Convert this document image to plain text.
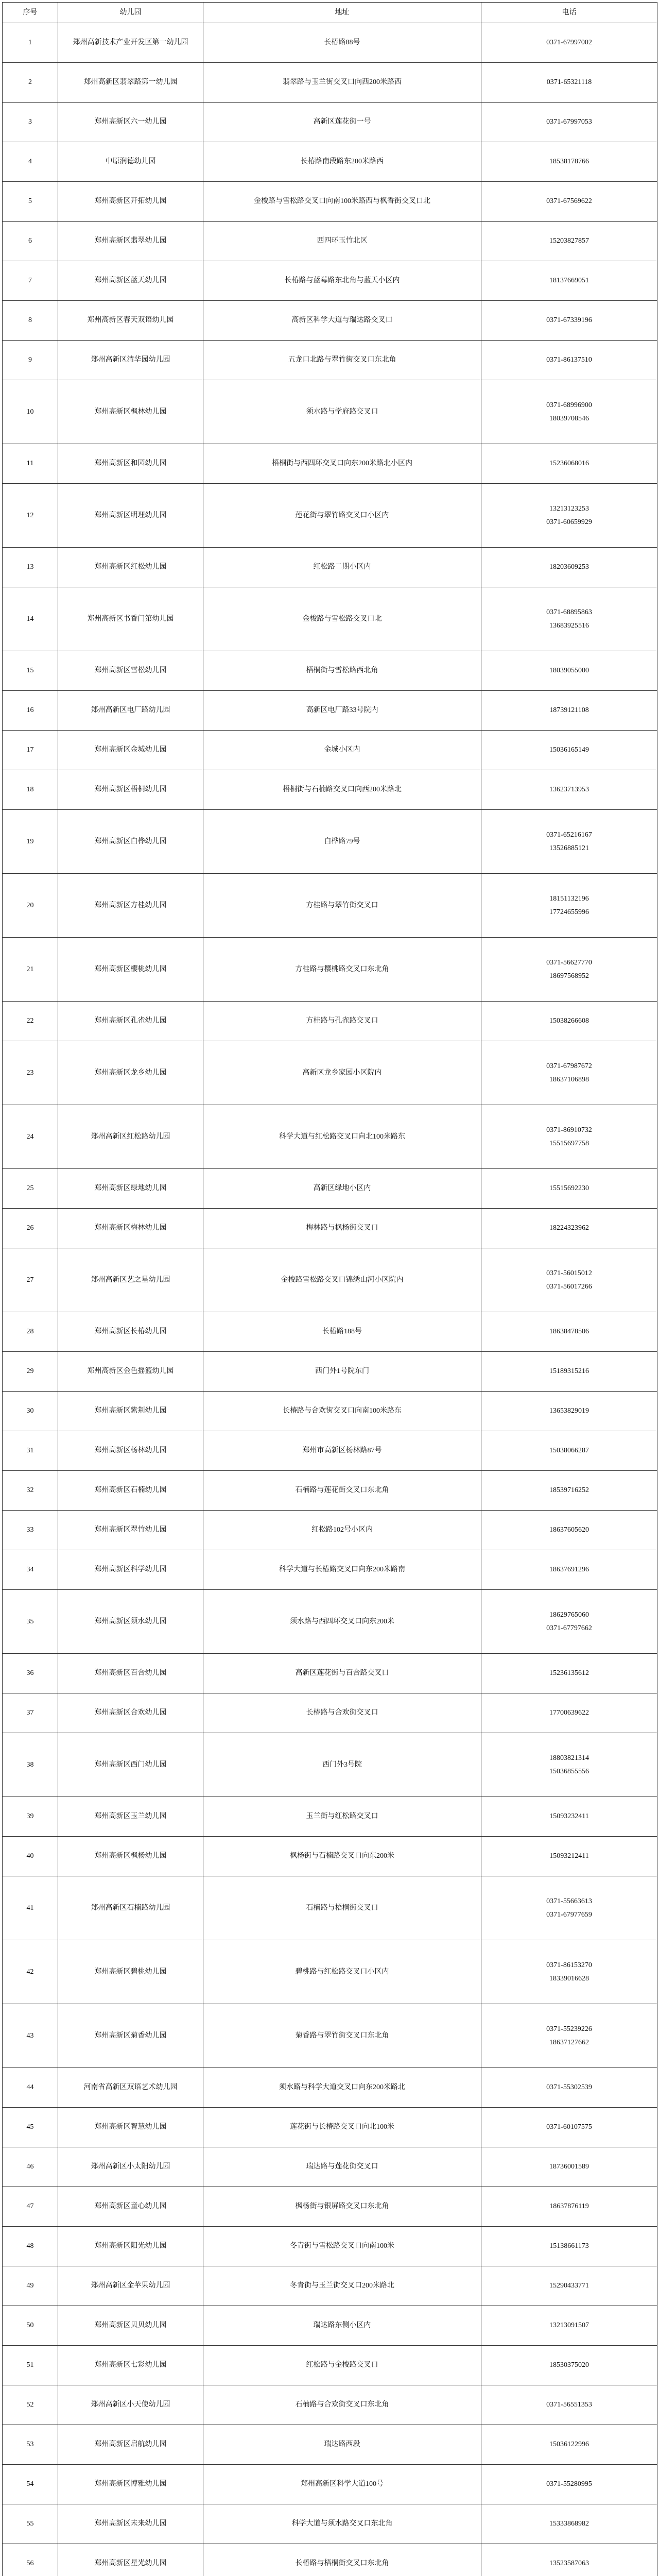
序号	幼儿园	地址	电话
1	郑州高新技术产业开发区第一幼儿园	长椿路88号	0371-67997002

2	郑州高新区翡翠路第一幼儿园	翡翠路与玉兰街交叉口向西200米路西	0371-65321118

3	郑州高新区六一幼儿园	高新区莲花街一号	0371-67997053

4	中原润德幼儿园	长椿路南段路东200米路西	18538178766

5	郑州高新区开拓幼儿园	金梭路与雪松路交叉口向南100米路西与枫香街交叉口北	0371-67569622

6	郑州高新区翡翠幼儿园	西四环玉竹北区	15203827857

7	郑州高新区蓝天幼儿园	长椿路与蓝莓路东北角与蓝天小区内	18137669051

8	郑州高新区春天双语幼儿园	高新区科学大道与瑞达路交叉口	0371-67339196

9	郑州高新区清华园幼儿园	五龙口北路与翠竹街交叉口东北角	0371-86137510

10	郑州高新区枫林幼儿园	须水路与学府路交叉口	0371-68996900
18039708546

11	郑州高新区和园幼儿园	梧桐街与西四环交叉口向东200米路北小区内	15236068016

12	郑州高新区明理幼儿园	莲花街与翠竹路交叉口小区内	13213123253
0371-60659929

13	郑州高新区红松幼儿园	红松路二期小区内	18203609253

14	郑州高新区书香门第幼儿园	金梭路与雪松路交叉口北	0371-68895863
13683925516

15	郑州高新区雪松幼儿园	梧桐街与雪松路西北角	18039055000

16	郑州高新区电厂路幼儿园	高新区电厂路33号院内	18739121108

17	郑州高新区金城幼儿园	金城小区内	15036165149

18	郑州高新区梧桐幼儿园	梧桐街与石楠路交叉口向西200米路北	13623713953

19	郑州高新区白桦幼儿园	白桦路79号	0371-65216167
13526885121

20	郑州高新区方桂幼儿园	方桂路与翠竹街交叉口	18151132196
17724655996

21	郑州高新区樱桃幼儿园	方桂路与樱桃路交叉口东北角	0371-56627770
18697568952

22	郑州高新区孔雀幼儿园	方桂路与孔雀路交叉口	15038266608

23	郑州高新区龙乡幼儿园	高新区龙乡家园小区院内	0371-67987672
18637106898

24	郑州高新区红松路幼儿园	科学大道与红松路交叉口向北100米路东	0371-86910732
15515697758

25	郑州高新区绿地幼儿园	高新区绿地小区内	15515692230

26	郑州高新区梅林幼儿园	梅林路与枫杨街交叉口	18224323962

27	郑州高新区艺之星幼儿园	金梭路雪松路交叉口锦绣山河小区院内	0371-56015012
0371-56017266

28	郑州高新区长椿幼儿园	长椿路188号	18638478506

29	郑州高新区金色摇篮幼儿园	西门外1号院东门	15189315216

30	郑州高新区紫荆幼儿园	长椿路与合欢街交叉口向南100米路东	13653829019

31	郑州高新区杨林幼儿园	郑州市高新区杨林路87号	15038066287

32	郑州高新区石楠幼儿园	石楠路与莲花街交叉口东北角	18539716252

33	郑州高新区翠竹幼儿园	红松路102号小区内	18637605620

34	郑州高新区科学幼儿园	科学大道与长椿路交叉口向东200米路南	18637691296

35	郑州高新区须水幼儿园	须水路与西四环交叉口向东200米	18629765060
0371-67797662

36	郑州高新区百合幼儿园	高新区莲花街与百合路交叉口	15236135612

37	郑州高新区合欢幼儿园	长椿路与合欢街交叉口	17700639622

38	郑州高新区西门幼儿园	西门外3号院	18803821314
15036855556

39	郑州高新区玉兰幼儿园	玉兰街与红松路交叉口	15093232411

40	郑州高新区枫杨幼儿园	枫杨街与石楠路交叉口向东200米	15093212411

41	郑州高新区石楠路幼儿园	石楠路与梧桐街交叉口	0371-55663613
0371-67977659

42	郑州高新区碧桃幼儿园	碧桃路与红松路交叉口小区内	0371-86153270
18339016628

43	郑州高新区菊香幼儿园	菊香路与翠竹街交叉口东北角	0371-55239226
18637127662

44	河南省高新区双语艺术幼儿园	须水路与科学大道交叉口向东200米路北	0371-55302539

45	郑州高新区智慧幼儿园	莲花街与长椿路交叉口向北100米	0371-60107575

46	郑州高新区小太阳幼儿园	瑞达路与莲花街交叉口	18736001589

47	郑州高新区童心幼儿园	枫杨街与银屏路交叉口东北角	18637876119

48	郑州高新区阳光幼儿园	冬青街与雪松路交叉口向南100米	15138661173

49	郑州高新区金苹果幼儿园	冬青街与玉兰街交叉口200米路北	15290433771

50	郑州高新区贝贝幼儿园	瑞达路东侧小区内	13213091507

51	郑州高新区七彩幼儿园	红松路与金梭路交叉口	18530375020

52	郑州高新区小天使幼儿园	石楠路与合欢街交叉口东北角	0371-56551353

53	郑州高新区启航幼儿园	瑞达路西段	15036122996

54	郑州高新区博雅幼儿园	郑州高新区科学大道100号	0371-55280995

55	郑州高新区未来幼儿园	科学大道与须水路交叉口东北角	15333868982

56	郑州高新区星光幼儿园	长椿路与梧桐街交叉口东北角	13523587063
